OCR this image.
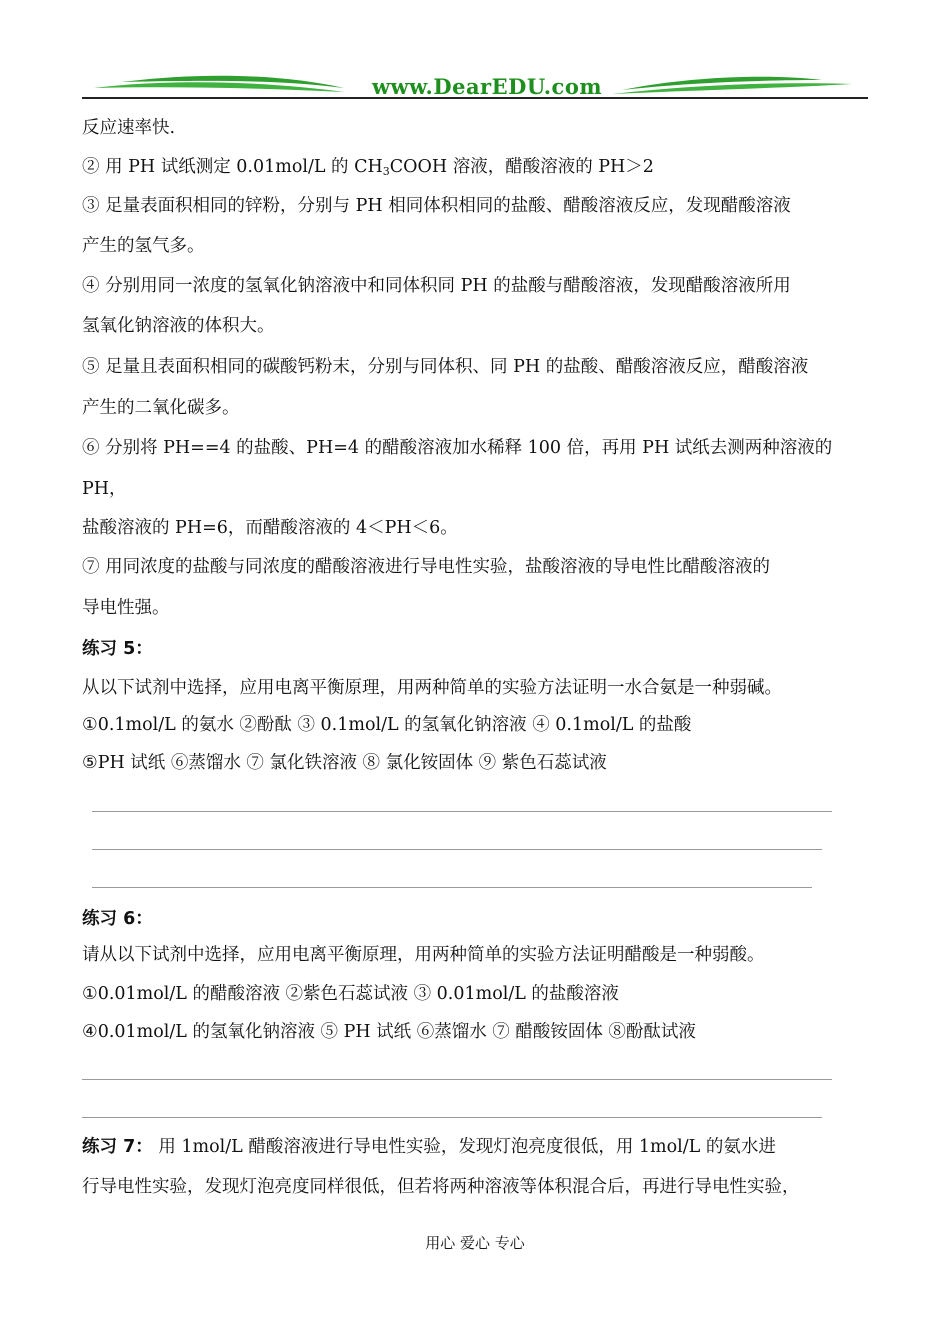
www.DearEDU.com
反应速率快.
② 用 PH 试纸测定 0.01mol/L 的 $CH_3COOH$ 溶液，醋酸溶液的 PH＞2
③ 足量表面积相同的锌粉，分别与 PH 相同体积相同的盐酸、醋酸溶液反应，发现醋酸溶液
产生的氢气多。
④ 分别用同一浓度的氢氧化钠溶液中和同体积同 PH 的盐酸与醋酸溶液，发现醋酸溶液所用
氢氧化钠溶液的体积大。
⑤ 足量且表面积相同的碳酸钙粉末，分别与同体积、同 PH 的盐酸、醋酸溶液反应，醋酸溶液
产生的二氧化碳多。
⑥ 分别将 PH==4 的盐酸、PH=4 的醋酸溶液加水稀释 100 倍，再用 PH 试纸去测两种溶液的
PH，
盐酸溶液的 PH=6，而醋酸溶液的 4＜PH＜6。
⑦ 用同浓度的盐酸与同浓度的醋酸溶液进行导电性实验，盐酸溶液的导电性比醋酸溶液的
导电性强。
练习 5：
从以下试剂中选择，应用电离平衡原理，用两种简单的实验方法证明一水合氨是一种弱碱。
①0.1mol/L 的氨水 ②酚酞 ③ 0.1mol/L 的氢氧化钠溶液 ④ 0.1mol/L 的盐酸
⑤PH 试纸 ⑥蒸馏水 ⑦ 氯化铁溶液 ⑧ 氯化铵固体 ⑨ 紫色石蕊试液
练习 6：
请从以下试剂中选择，应用电离平衡原理，用两种简单的实验方法证明醋酸是一种弱酸。
①0.01mol/L 的醋酸溶液 ②紫色石蕊试液 ③ 0.01mol/L 的盐酸溶液
④0.01mol/L 的氢氧化钠溶液 ⑤ PH 试纸 ⑥蒸馏水 ⑦ 醋酸铵固体 ⑧酚酞试液
练习 7： 用 1mol/L 醋酸溶液进行导电性实验，发现灯泡亮度很低，用 1mol/L 的氨水进
行导电性实验，发现灯泡亮度同样很低，但若将两种溶液等体积混合后，再进行导电性实验，
用心 爱心 专心
